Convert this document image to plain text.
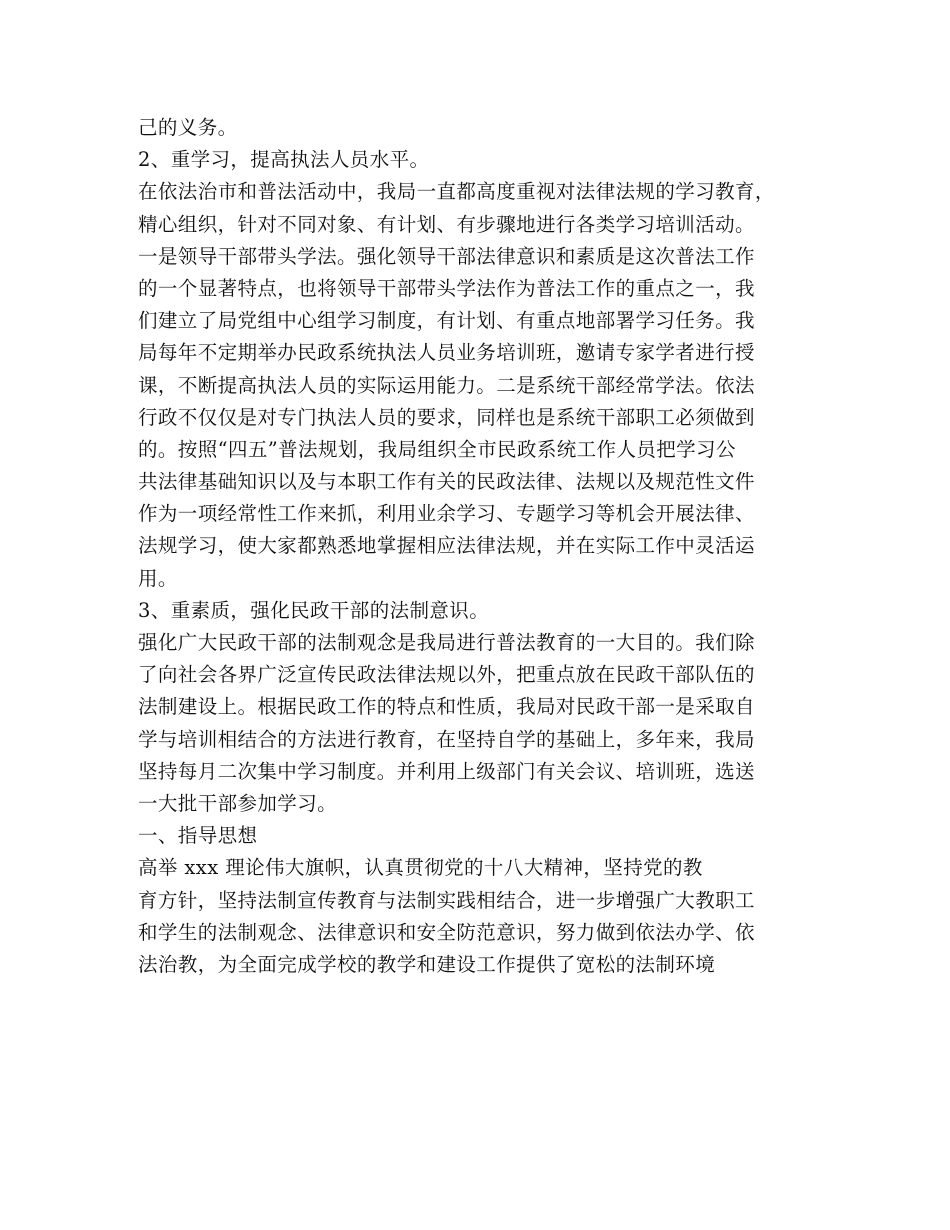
己的义务。
2、重学习，提高执法人员水平。
在依法治市和普法活动中，我局一直都高度重视对法律法规的学习教育，
精心组织，针对不同对象、有计划、有步骤地进行各类学习培训活动。
一是领导干部带头学法。强化领导干部法律意识和素质是这次普法工作
的一个显著特点，也将领导干部带头学法作为普法工作的重点之一，我
们建立了局党组中心组学习制度，有计划、有重点地部署学习任务。我
局每年不定期举办民政系统执法人员业务培训班，邀请专家学者进行授
课，不断提高执法人员的实际运用能力。二是系统干部经常学法。依法
行政不仅仅是对专门执法人员的要求，同样也是系统干部职工必须做到
的。按照“四五”普法规划，我局组织全市民政系统工作人员把学习公
共法律基础知识以及与本职工作有关的民政法律、法规以及规范性文件
作为一项经常性工作来抓，利用业余学习、专题学习等机会开展法律、
法规学习，使大家都熟悉地掌握相应法律法规，并在实际工作中灵活运
用。
3、重素质，强化民政干部的法制意识。
强化广大民政干部的法制观念是我局进行普法教育的一大目的。我们除
了向社会各界广泛宣传民政法律法规以外，把重点放在民政干部队伍的
法制建设上。根据民政工作的特点和性质，我局对民政干部一是采取自
学与培训相结合的方法进行教育，在坚持自学的基础上，多年来，我局
坚持每月二次集中学习制度。并利用上级部门有关会议、培训班，选送
一大批干部参加学习。
一、指导思想
高举 xxx 理论伟大旗帜，认真贯彻党的十八大精神，坚持党的教
育方针，坚持法制宣传教育与法制实践相结合，进一步增强广大教职工
和学生的法制观念、法律意识和安全防范意识，努力做到依法办学、依
法治教，为全面完成学校的教学和建设工作提供了宽松的法制环境
